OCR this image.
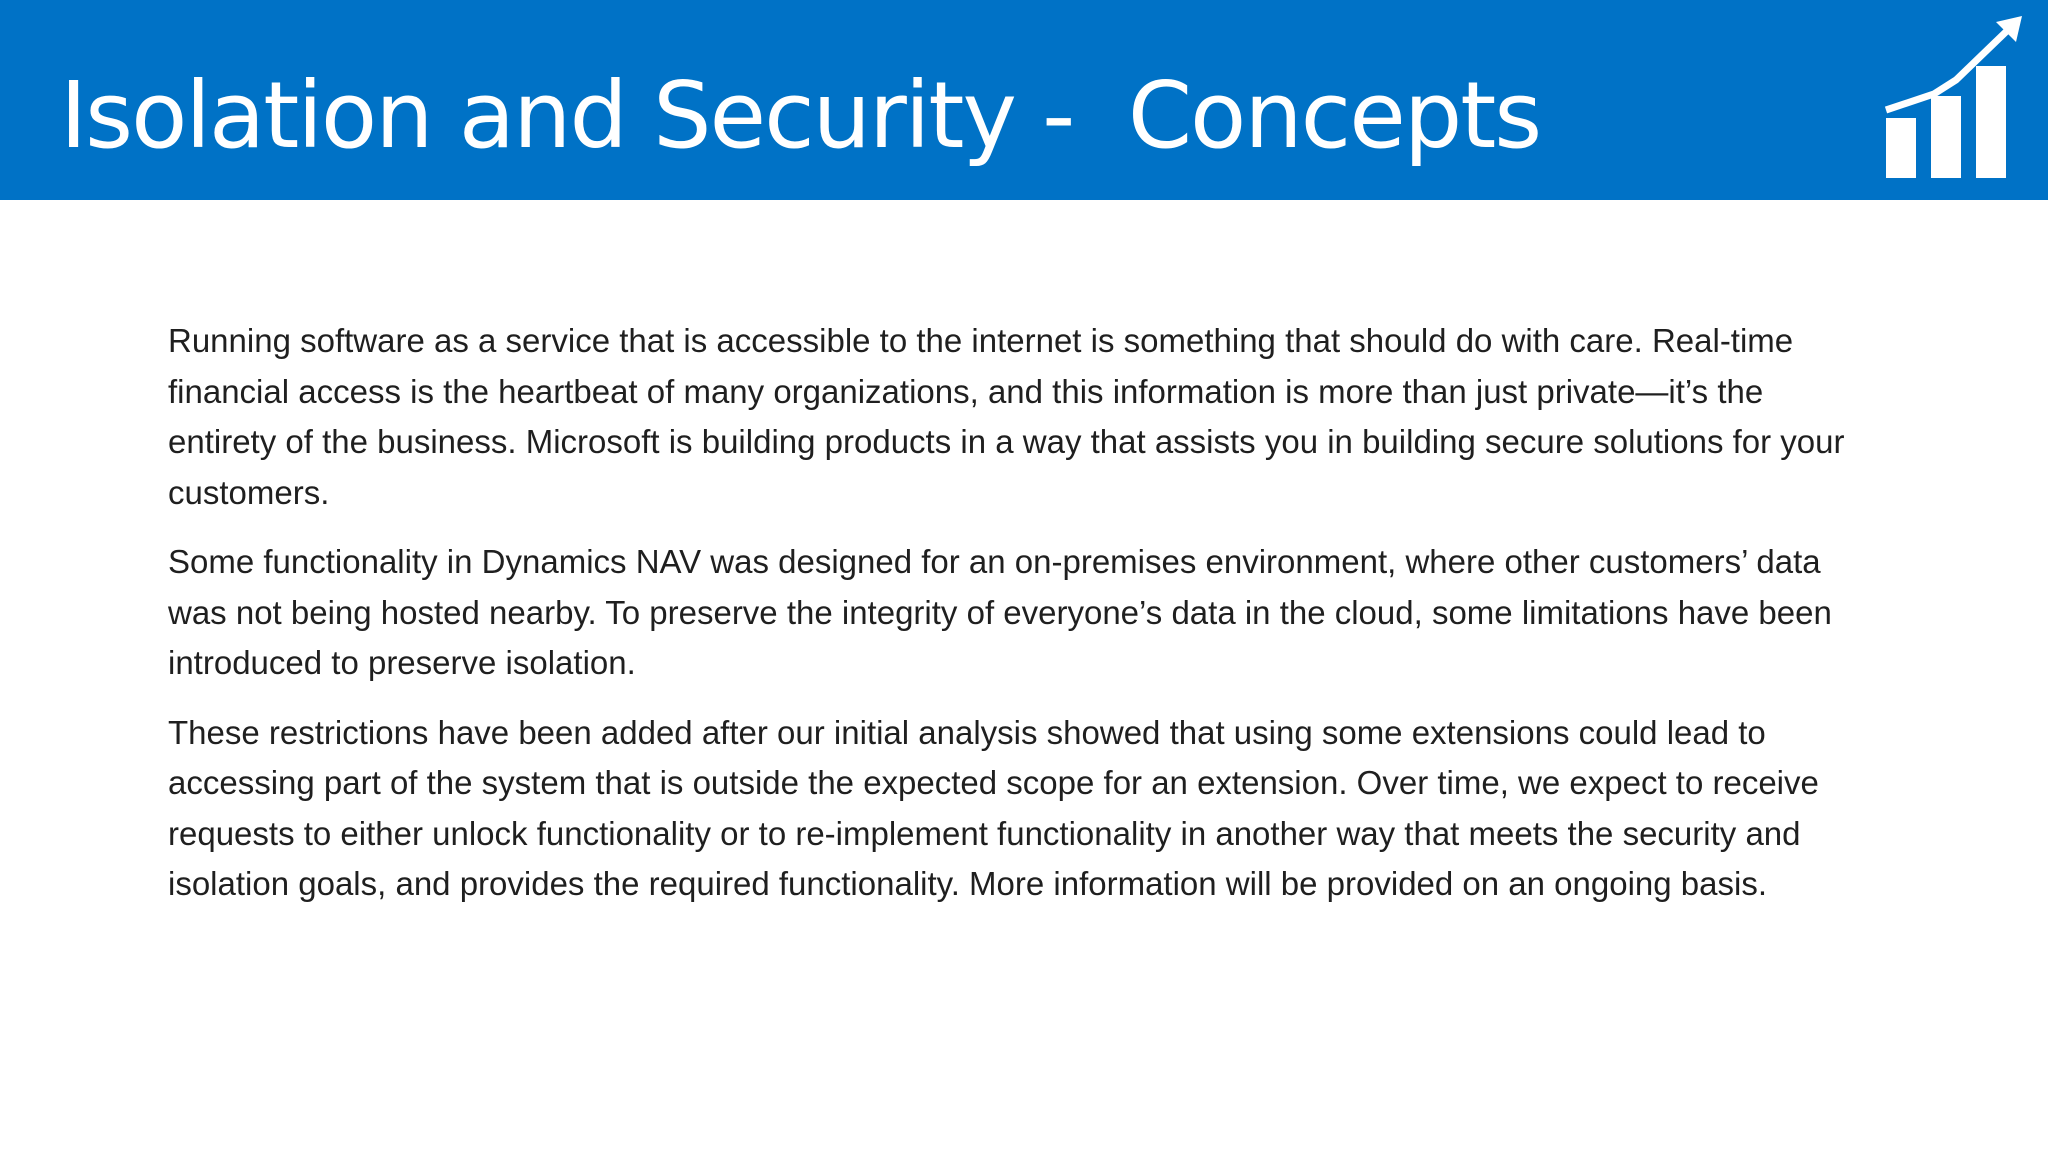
Isolation and Security -  Concepts

Running software as a service that is accessible to the internet is something that should do with care. Real-time financial access is the heartbeat of many organizations, and this information is more than just private—it’s the entirety of the business. Microsoft is building products in a way that assists you in building secure solutions for your customers.

Some functionality in Dynamics NAV was designed for an on-premises environment, where other customers’ data was not being hosted nearby. To preserve the integrity of everyone’s data in the cloud, some limitations have been introduced to preserve isolation.

These restrictions have been added after our initial analysis showed that using some extensions could lead to accessing part of the system that is outside the expected scope for an extension. Over time, we expect to receive requests to either unlock functionality or to re-implement functionality in another way that meets the security and isolation goals, and provides the required functionality. More information will be provided on an ongoing basis.
